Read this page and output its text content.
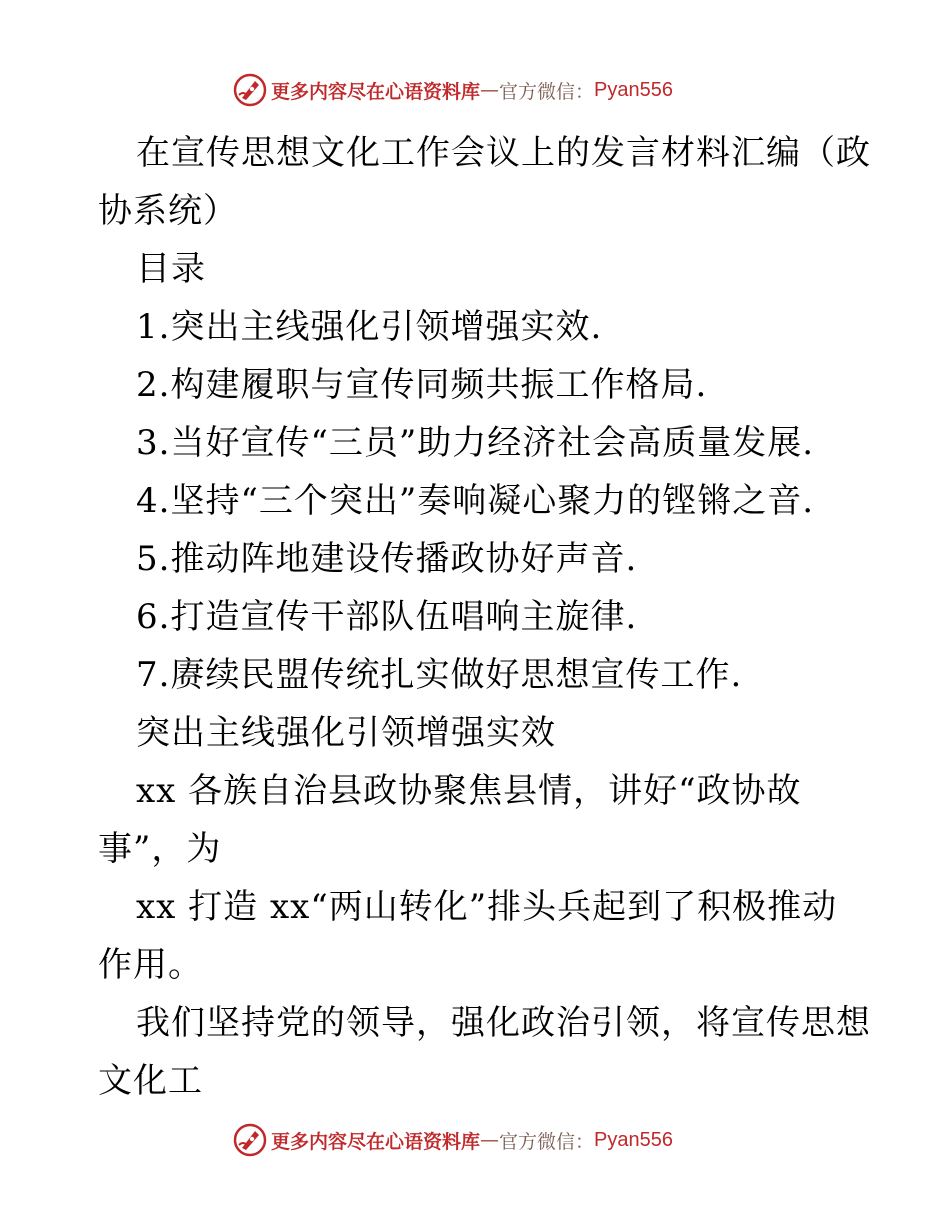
更多内容尽在心语资料库 — 官方微信： Pyan556
在宣传思想文化工作会议上的发言材料汇编（政
协系统）
目录
1.突出主线强化引领增强实效.
2.构建履职与宣传同频共振工作格局.
3.当好宣传“三员”助力经济社会高质量发展.
4.坚持“三个突出”奏响凝心聚力的铿锵之音.
5.推动阵地建设传播政协好声音.
6.打造宣传干部队伍唱响主旋律.
7.赓续民盟传统扎实做好思想宣传工作.
突出主线强化引领增强实效
xx 各族自治县政协聚焦县情，讲好“政协故
事”，为
xx 打造 xx“两山转化”排头兵起到了积极推动
作用。
我们坚持党的领导，强化政治引领，将宣传思想
文化工
更多内容尽在心语资料库 — 官方微信： Pyan556
